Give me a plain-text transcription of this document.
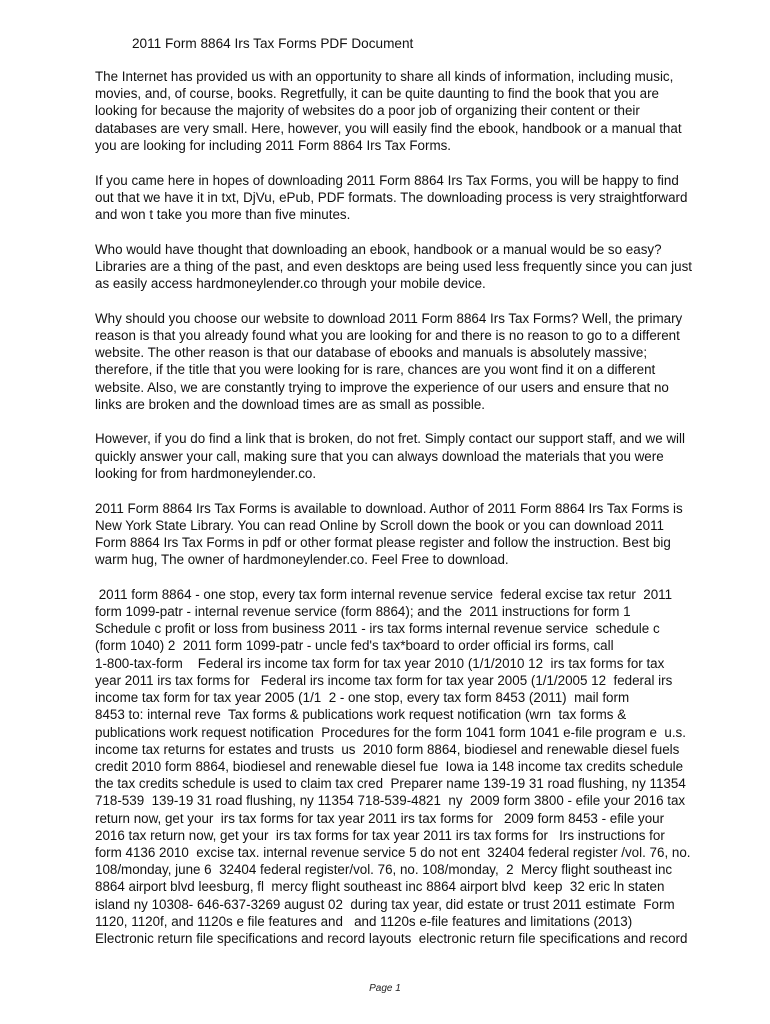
2011 Form 8864 Irs Tax Forms PDF Document
The Internet has provided us with an opportunity to share all kinds of information, including music,
movies, and, of course, books. Regretfully, it can be quite daunting to find the book that you are
looking for because the majority of websites do a poor job of organizing their content or their
databases are very small. Here, however, you will easily find the ebook, handbook or a manual that
you are looking for including 2011 Form 8864 Irs Tax Forms.
If you came here in hopes of downloading 2011 Form 8864 Irs Tax Forms, you will be happy to find
out that we have it in txt, DjVu, ePub, PDF formats. The downloading process is very straightforward
and won t take you more than five minutes.
Who would have thought that downloading an ebook, handbook or a manual would be so easy?
Libraries are a thing of the past, and even desktops are being used less frequently since you can just
as easily access hardmoneylender.co through your mobile device.
Why should you choose our website to download 2011 Form 8864 Irs Tax Forms? Well, the primary
reason is that you already found what you are looking for and there is no reason to go to a different
website. The other reason is that our database of ebooks and manuals is absolutely massive;
therefore, if the title that you were looking for is rare, chances are you wont find it on a different
website. Also, we are constantly trying to improve the experience of our users and ensure that no
links are broken and the download times are as small as possible.
However, if you do find a link that is broken, do not fret. Simply contact our support staff, and we will
quickly answer your call, making sure that you can always download the materials that you were
looking for from hardmoneylender.co.
2011 Form 8864 Irs Tax Forms is available to download. Author of 2011 Form 8864 Irs Tax Forms is
New York State Library. You can read Online by Scroll down the book or you can download 2011
Form 8864 Irs Tax Forms in pdf or other format please register and follow the instruction. Best big
warm hug, The owner of hardmoneylender.co. Feel Free to download.
2011 form 8864 - one stop, every tax form internal revenue service  federal excise tax retur  2011
form 1099-patr - internal revenue service (form 8864); and the  2011 instructions for form 1
Schedule c profit or loss from business 2011 - irs tax forms internal revenue service  schedule c
(form 1040) 2  2011 form 1099-patr - uncle fed's tax*board to order official irs forms, call
1-800-tax-form    Federal irs income tax form for tax year 2010 (1/1/2010 12  irs tax forms for tax
year 2011 irs tax forms for   Federal irs income tax form for tax year 2005 (1/1/2005 12  federal irs
income tax form for tax year 2005 (1/1  2 - one stop, every tax form 8453 (2011)  mail form
8453 to: internal reve  Tax forms & publications work request notification (wrn  tax forms &
publications work request notification  Procedures for the form 1041 form 1041 e-file program e  u.s.
income tax returns for estates and trusts  us  2010 form 8864, biodiesel and renewable diesel fuels
credit 2010 form 8864, biodiesel and renewable diesel fue  Iowa ia 148 income tax credits schedule
the tax credits schedule is used to claim tax cred  Preparer name 139-19 31 road flushing, ny 11354
718-539  139-19 31 road flushing, ny 11354 718-539-4821  ny  2009 form 3800 - efile your 2016 tax
return now, get your  irs tax forms for tax year 2011 irs tax forms for   2009 form 8453 - efile your
2016 tax return now, get your  irs tax forms for tax year 2011 irs tax forms for   Irs instructions for
form 4136 2010  excise tax. internal revenue service 5 do not ent  32404 federal register /vol. 76, no.
108/monday, june 6  32404 federal register/vol. 76, no. 108/monday,  2  Mercy flight southeast inc
8864 airport blvd leesburg, fl  mercy flight southeast inc 8864 airport blvd  keep  32 eric ln staten
island ny 10308- 646-637-3269 august 02  during tax year, did estate or trust 2011 estimate  Form
1120, 1120f, and 1120s e file features and   and 1120s e-file features and limitations (2013)
Electronic return file specifications and record layouts  electronic return file specifications and record
Page 1
